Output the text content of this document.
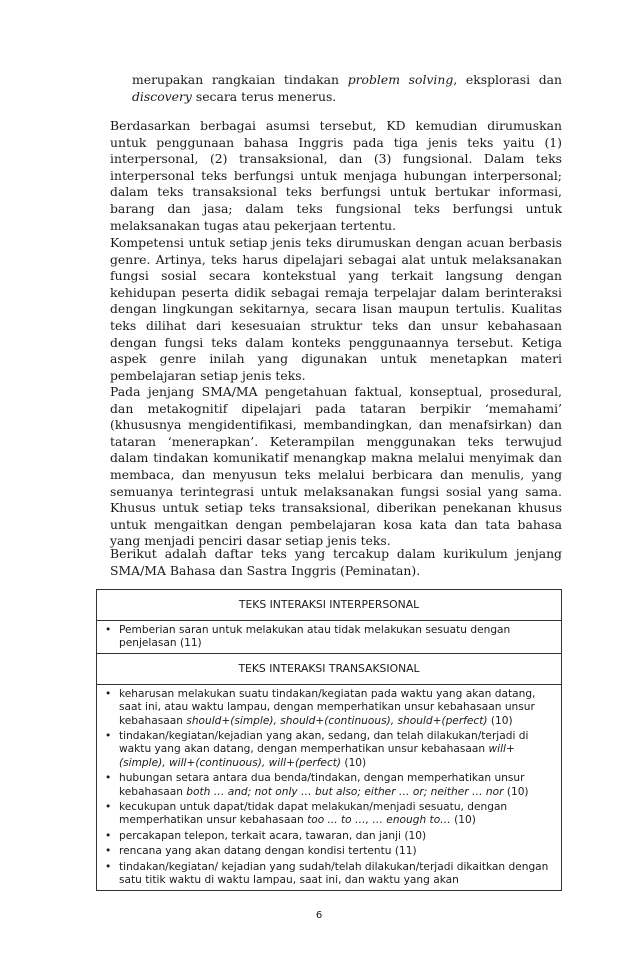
merupakan rangkaian tindakan problem solving, eksplorasi dan discovery secara terus menerus.

Berdasarkan berbagai asumsi tersebut, KD kemudian dirumuskan untuk penggunaan bahasa Inggris pada tiga jenis teks yaitu (1) interpersonal, (2) transaksional, dan (3) fungsional. Dalam teks interpersonal teks berfungsi untuk menjaga hubungan interpersonal; dalam teks transaksional teks berfungsi untuk bertukar informasi, barang dan jasa; dalam teks fungsional teks berfungsi untuk melaksanakan tugas atau pekerjaan tertentu.

Kompetensi untuk setiap jenis teks dirumuskan dengan acuan berbasis genre. Artinya, teks harus dipelajari sebagai alat untuk melaksanakan fungsi sosial secara kontekstual yang terkait langsung dengan kehidupan peserta didik sebagai remaja terpelajar dalam berinteraksi dengan lingkungan sekitarnya, secara lisan maupun tertulis. Kualitas teks dilihat dari kesesuaian struktur teks dan unsur kebahasaan dengan fungsi teks dalam konteks penggunaannya tersebut. Ketiga aspek genre inilah yang digunakan untuk menetapkan materi pembelajaran setiap jenis teks.

Pada jenjang SMA/MA pengetahuan faktual, konseptual, prosedural, dan metakognitif dipelajari pada tataran berpikir ‘memahami’ (khususnya mengidentifikasi, membandingkan, dan menafsirkan) dan tataran ‘menerapkan’. Keterampilan menggunakan teks terwujud dalam tindakan komunikatif menangkap makna melalui menyimak dan membaca, dan menyusun teks melalui berbicara dan menulis, yang semuanya terintegrasi untuk melaksanakan fungsi sosial yang sama. Khusus untuk setiap teks transaksional, diberikan penekanan khusus untuk mengaitkan dengan pembelajaran kosa kata dan tata bahasa yang menjadi penciri dasar setiap jenis teks.

Berikut adalah daftar teks yang tercakup dalam kurikulum jenjang SMA/MA Bahasa dan Sastra Inggris (Peminatan).

TEKS INTERAKSI INTERPERSONAL

• Pemberian saran untuk melakukan atau tidak melakukan sesuatu dengan penjelasan (11)

TEKS INTERAKSI TRANSAKSIONAL

• keharusan melakukan suatu tindakan/kegiatan pada waktu yang akan datang, saat ini, atau waktu lampau, dengan memperhatikan unsur kebahasaan unsur kebahasaan should+(simple), should+(continuous), should+(perfect) (10)
• tindakan/kegiatan/kejadian yang akan, sedang, dan telah dilakukan/terjadi di waktu yang akan datang, dengan memperhatikan unsur kebahasaan will+(simple), will+(continuous), will+(perfect) (10)
• hubungan setara antara dua benda/tindakan, dengan memperhatikan unsur kebahasaan both … and; not only … but also; either … or; neither … nor (10)
• kecukupan untuk dapat/tidak dapat melakukan/menjadi sesuatu, dengan memperhatikan unsur kebahasaan too ... to …, … enough to… (10)
• percakapan telepon, terkait acara, tawaran, dan janji (10)
• rencana yang akan datang dengan kondisi tertentu (11)
• tindakan/kegiatan/ kejadian yang sudah/telah dilakukan/terjadi dikaitkan dengan satu titik waktu di waktu lampau, saat ini, dan waktu yang akan
6
